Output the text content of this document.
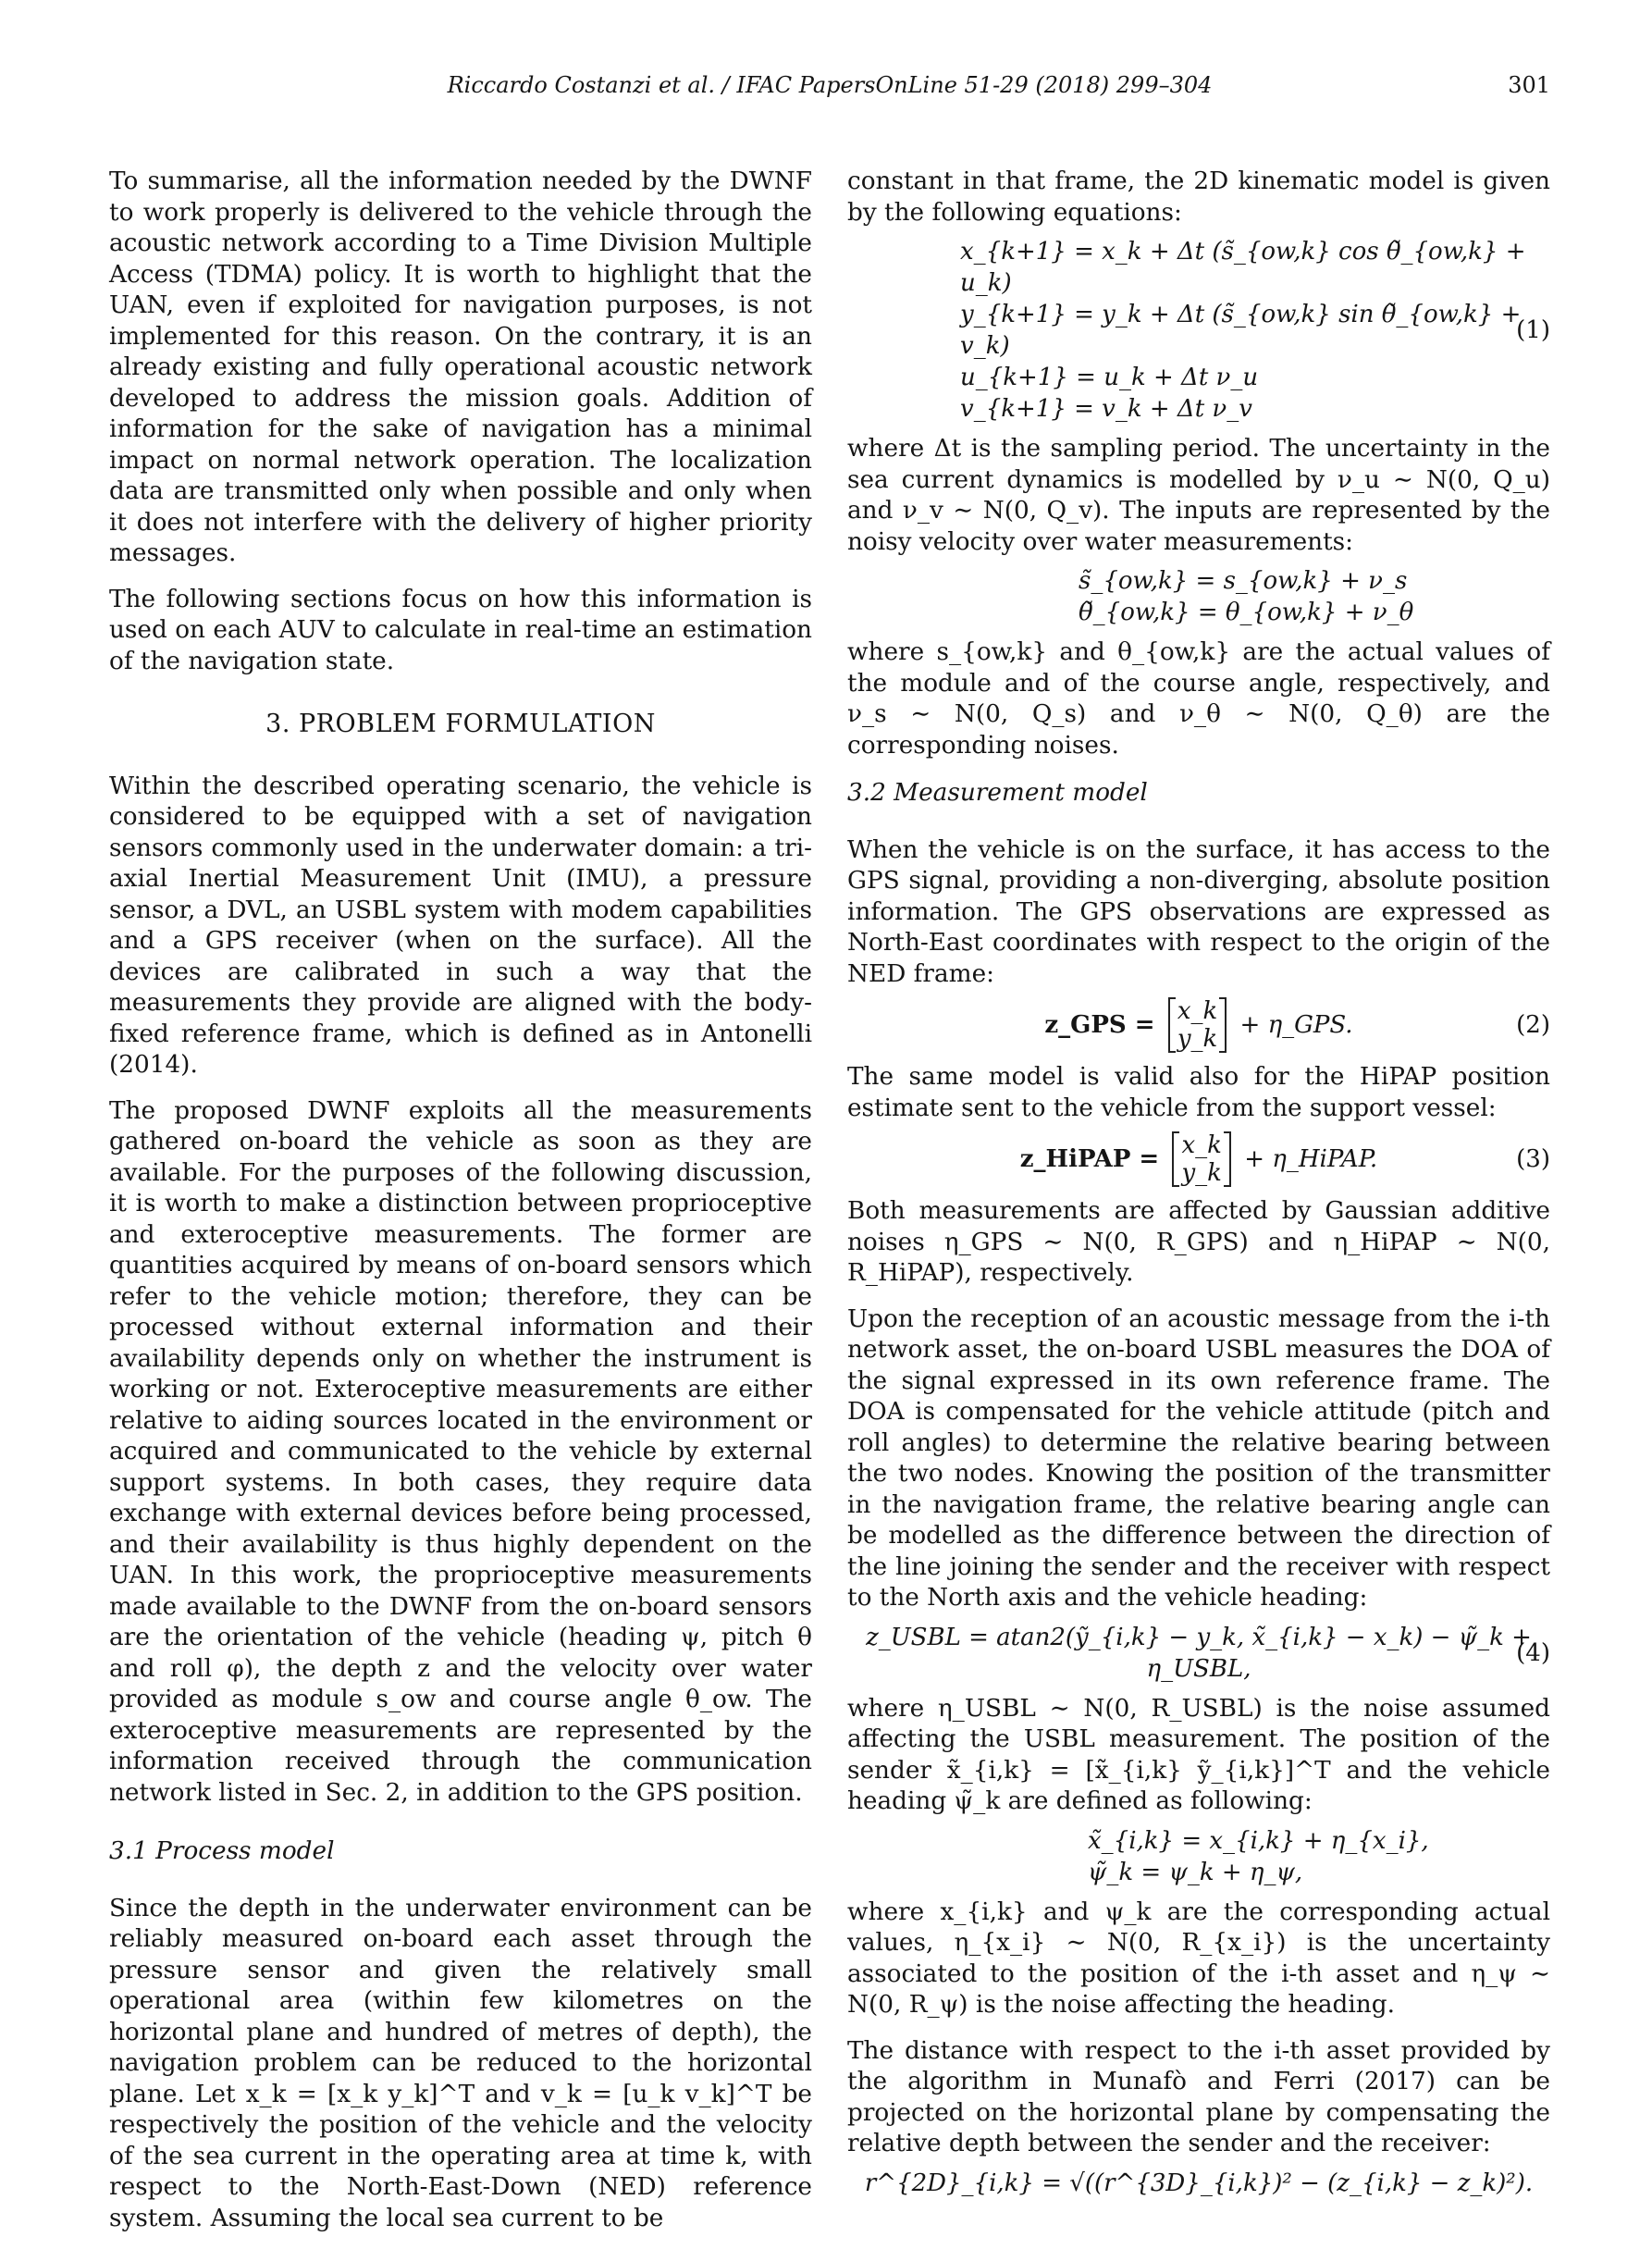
Riccardo Costanzi et al. / IFAC PapersOnLine 51-29 (2018) 299–304	301

To summarise, all the information needed by the DWNF to work properly is delivered to the vehicle through the acoustic network according to a Time Division Multiple Access (TDMA) policy. It is worth to highlight that the UAN, even if exploited for navigation purposes, is not implemented for this reason. On the contrary, it is an already existing and fully operational acoustic network developed to address the mission goals. Addition of information for the sake of navigation has a minimal impact on normal network operation. The localization data are transmitted only when possible and only when it does not interfere with the delivery of higher priority messages.

The following sections focus on how this information is used on each AUV to calculate in real-time an estimation of the navigation state.

3. PROBLEM FORMULATION

Within the described operating scenario, the vehicle is considered to be equipped with a set of navigation sensors commonly used in the underwater domain: a tri-axial Inertial Measurement Unit (IMU), a pressure sensor, a DVL, an USBL system with modem capabilities and a GPS receiver (when on the surface). All the devices are calibrated in such a way that the measurements they provide are aligned with the body-fixed reference frame, which is defined as in Antonelli (2014).

The proposed DWNF exploits all the measurements gathered on-board the vehicle as soon as they are available. For the purposes of the following discussion, it is worth to make a distinction between proprioceptive and exteroceptive measurements. The former are quantities acquired by means of on-board sensors which refer to the vehicle motion; therefore, they can be processed without external information and their availability depends only on whether the instrument is working or not. Exteroceptive measurements are either relative to aiding sources located in the environment or acquired and communicated to the vehicle by external support systems. In both cases, they require data exchange with external devices before being processed, and their availability is thus highly dependent on the UAN. In this work, the proprioceptive measurements made available to the DWNF from the on-board sensors are the orientation of the vehicle (heading ψ, pitch θ and roll φ), the depth z and the velocity over water provided as module s_ow and course angle θ_ow. The exteroceptive measurements are represented by the information received through the communication network listed in Sec. 2, in addition to the GPS position.

3.1 Process model

Since the depth in the underwater environment can be reliably measured on-board each asset through the pressure sensor and given the relatively small operational area (within few kilometres on the horizontal plane and hundred of metres of depth), the navigation problem can be reduced to the horizontal plane. Let x_k = [x_k y_k]^T and v_k = [u_k v_k]^T be respectively the position of the vehicle and the velocity of the sea current in the operating area at time k, with respect to the North-East-Down (NED) reference system. Assuming the local sea current to be

constant in that frame, the 2D kinematic model is given by the following equations:

x_{k+1} = x_k + Δt (s̃_{ow,k} cos θ̃_{ow,k} + u_k)
y_{k+1} = y_k + Δt (s̃_{ow,k} sin θ̃_{ow,k} + v_k)
u_{k+1} = u_k + Δt ν_u
v_{k+1} = v_k + Δt ν_v
(1)

where Δt is the sampling period. The uncertainty in the sea current dynamics is modelled by ν_u ∼ N(0, Q_u) and ν_v ∼ N(0, Q_v). The inputs are represented by the noisy velocity over water measurements:

s̃_{ow,k} = s_{ow,k} + ν_s
θ̃_{ow,k} = θ_{ow,k} + ν_θ

where s_{ow,k} and θ_{ow,k} are the actual values of the module and of the course angle, respectively, and ν_s ∼ N(0, Q_s) and ν_θ ∼ N(0, Q_θ) are the corresponding noises.

3.2 Measurement model

When the vehicle is on the surface, it has access to the GPS signal, providing a non-diverging, absolute position information. The GPS observations are expressed as North-East coordinates with respect to the origin of the NED frame:

z_GPS = x_k
y_k + η_GPS.	(2)

The same model is valid also for the HiPAP position estimate sent to the vehicle from the support vessel:

z_HiPAP = x_k
y_k + η_HiPAP.	(3)

Both measurements are affected by Gaussian additive noises η_GPS ∼ N(0, R_GPS) and η_HiPAP ∼ N(0, R_HiPAP), respectively.

Upon the reception of an acoustic message from the i-th network asset, the on-board USBL measures the DOA of the signal expressed in its own reference frame. The DOA is compensated for the vehicle attitude (pitch and roll angles) to determine the relative bearing between the two nodes. Knowing the position of the transmitter in the navigation frame, the relative bearing angle can be modelled as the difference between the direction of the line joining the sender and the receiver with respect to the North axis and the vehicle heading:

z_USBL = atan2(ỹ_{i,k} − y_k, x̃_{i,k} − x_k) − ψ̃_k + η_USBL,
(4)

where η_USBL ∼ N(0, R_USBL) is the noise assumed affecting the USBL measurement. The position of the sender x̃_{i,k} = [x̃_{i,k} ỹ_{i,k}]^T and the vehicle heading ψ̃_k are defined as following:

x̃_{i,k} = x_{i,k} + η_{x_i},
ψ̃_k = ψ_k + η_ψ,

where x_{i,k} and ψ_k are the corresponding actual values, η_{x_i} ∼ N(0, R_{x_i}) is the uncertainty associated to the position of the i-th asset and η_ψ ∼ N(0, R_ψ) is the noise affecting the heading.

The distance with respect to the i-th asset provided by the algorithm in Munafò and Ferri (2017) can be projected on the horizontal plane by compensating the relative depth between the sender and the receiver:

r^{2D}_{i,k} = √((r^{3D}_{i,k})² − (z_{i,k} − z_k)²).
